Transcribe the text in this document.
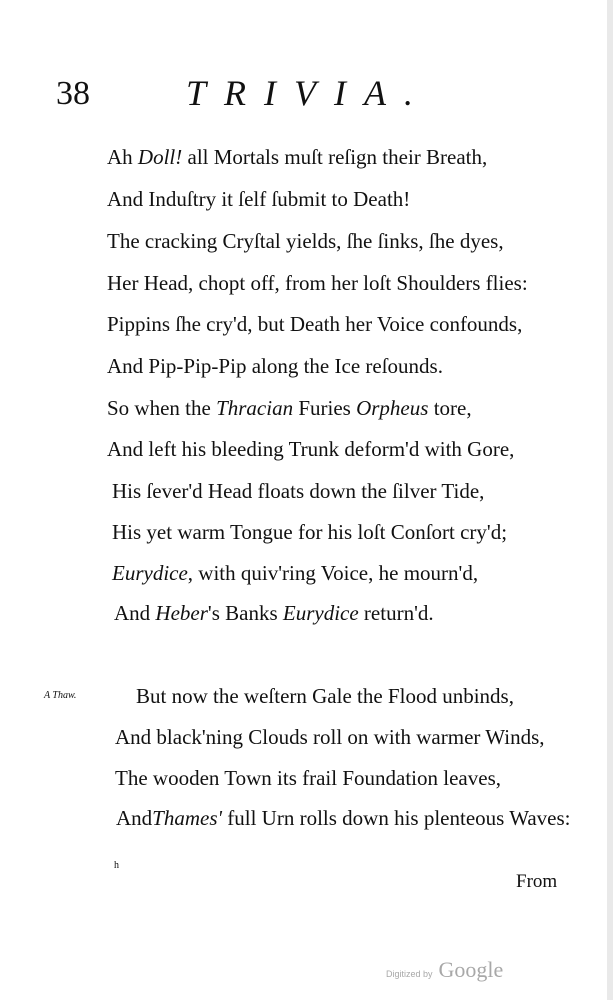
38	TRIVIA.
Ah Doll! all Mortals muſt reſign their Breath,
And Induſtry it ſelf ſubmit to Death!
The cracking Cryſtal yields, ſhe ſinks, ſhe dyes,
Her Head, chopt off, from her loſt Shoulders flies:
Pippins ſhe cry'd, but Death her Voice confounds,
And Pip-Pip-Pip along the Ice reſounds.
So when the Thracian Furies Orpheus tore,
And left his bleeding Trunk deform'd with Gore,
His ſever'd Head floats down the ſilver Tide,
His yet warm Tongue for his loſt Conſort cry'd;
Eurydice, with quiv'ring Voice, he mourn'd,
And Heber's Banks Eurydice return'd.
A Thaw.	But now the weſtern Gale the Flood unbinds,
And black'ning Clouds roll on with warmer Winds,
The wooden Town its frail Foundation leaves,
AndThames' full Urn rolls down his plenteous Waves:
h
From
Digitized by Google
